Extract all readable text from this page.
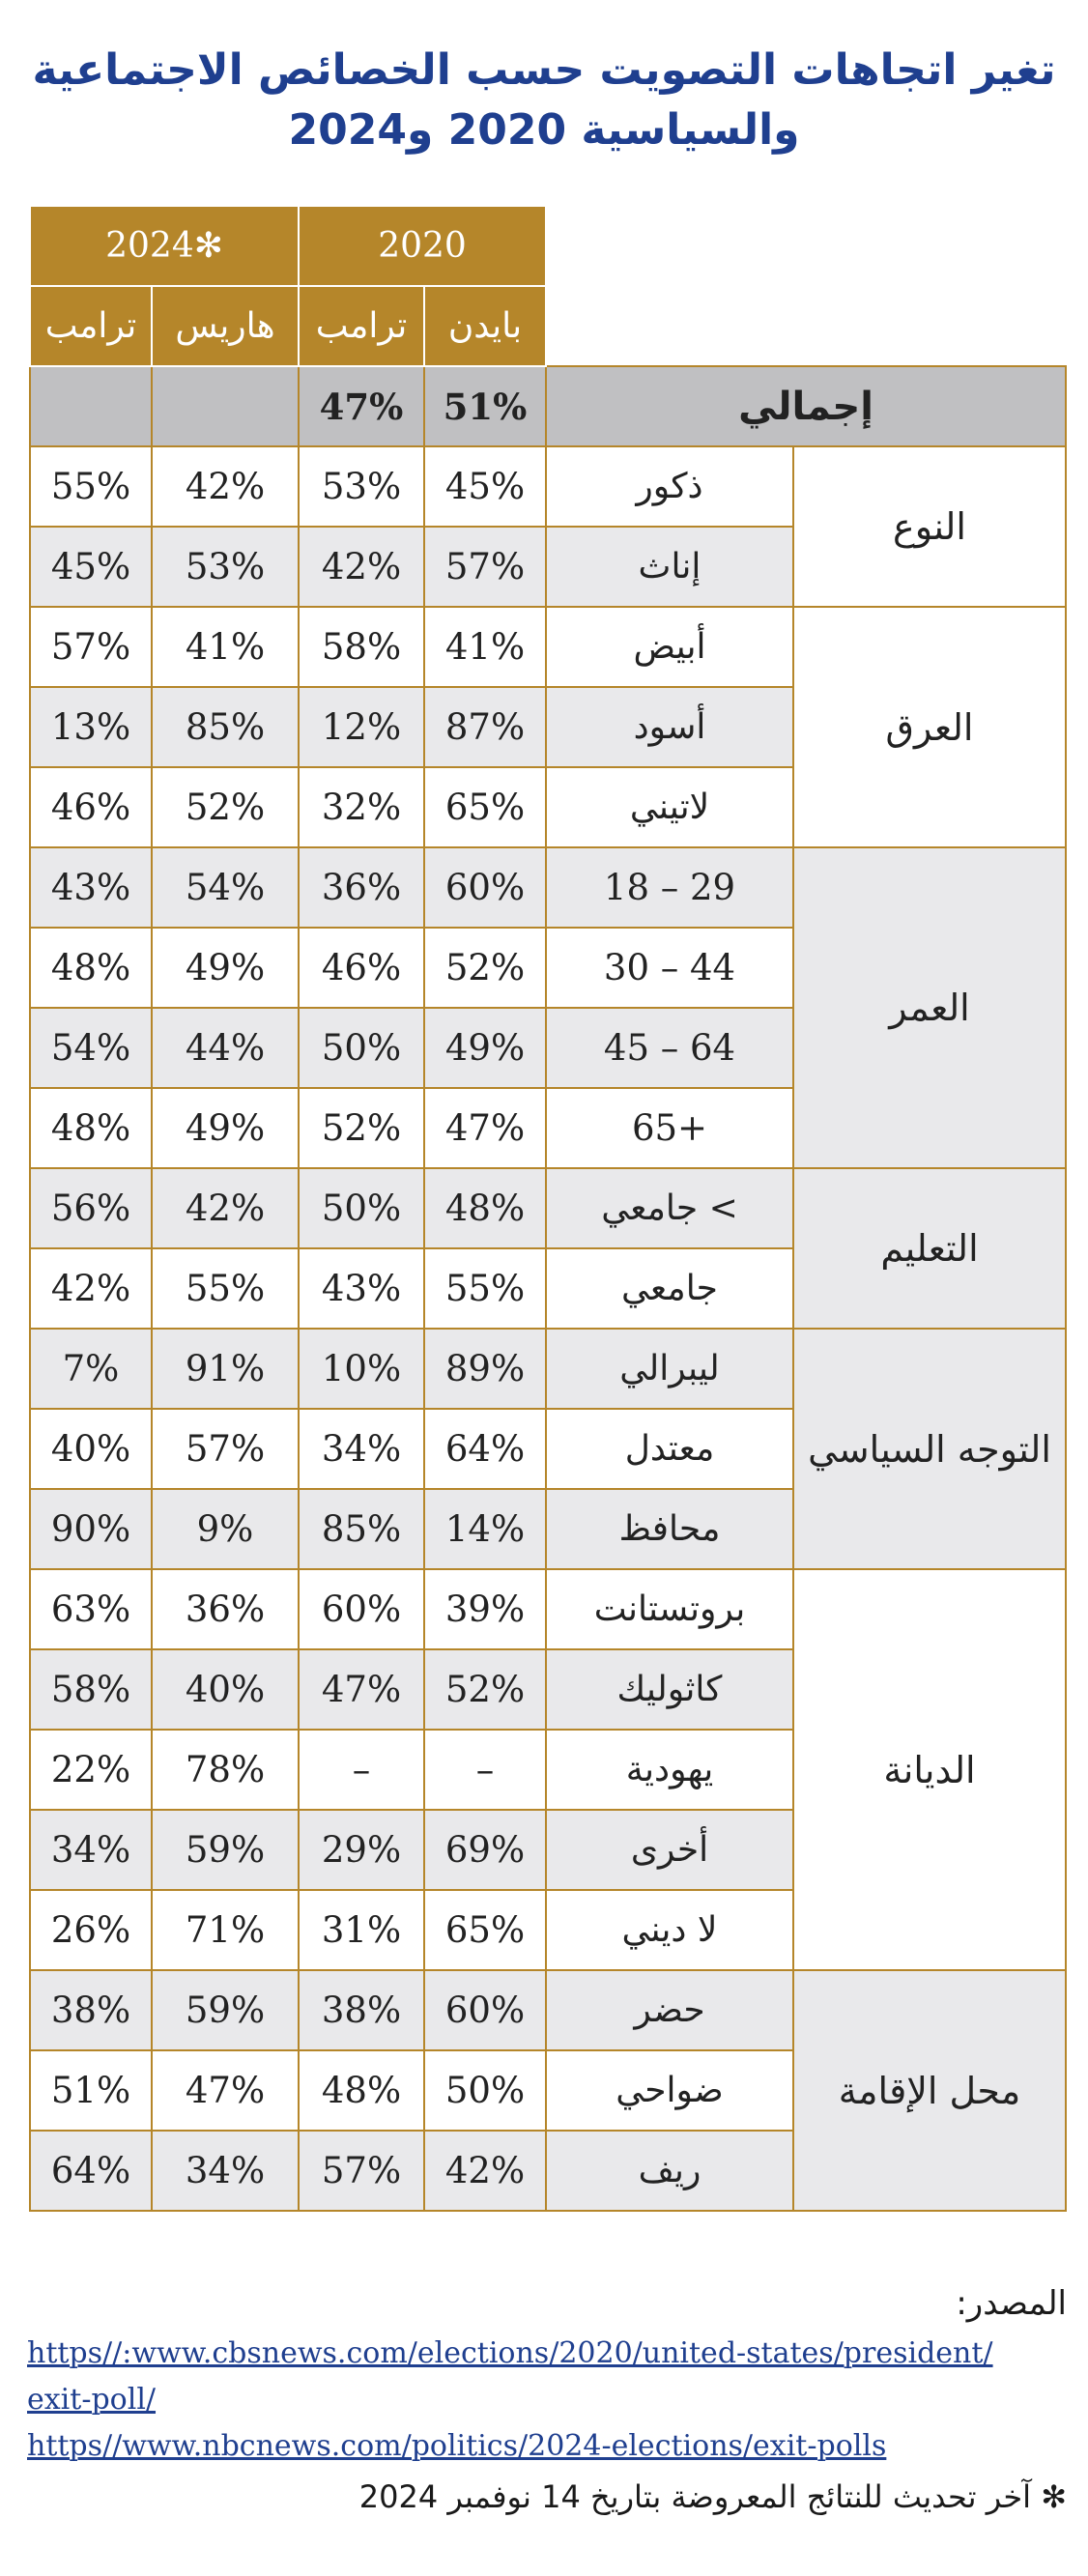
تغير اتجاهات التصويت حسب الخصائص الاجتماعية
والسياسية 2020 و2024
2024✻		2020			
ترامب	هاريس	ترامب	بايدن		
		47%	51%	إجمالي	
55%	42%	53%	45%	ذكور	النوع
45%	53%	42%	57%	إناث	
57%	41%	58%	41%	أبيض	العرق
13%	85%	12%	87%	أسود	
46%	52%	32%	65%	لاتيني	
43%	54%	36%	60%	18 – 29	العمر
48%	49%	46%	52%	30 – 44	
54%	44%	50%	49%	45 – 64	
48%	49%	52%	47%	65+	
56%	42%	50%	48%	> جامعي	التعليم
42%	55%	43%	55%	جامعي	
7%	91%	10%	89%	ليبرالي	التوجه السياسي
40%	57%	34%	64%	معتدل	
90%	9%	85%	14%	محافظ	
63%	36%	60%	39%	بروتستانت	الديانة
58%	40%	47%	52%	كاثوليك	
22%	78%	–	–	يهودية	
34%	59%	29%	69%	أخرى	
26%	71%	31%	65%	لا ديني	
38%	59%	38%	60%	حضر	محل الإقامة
51%	47%	48%	50%	ضواحي	
64%	34%	57%	42%	ريف	
المصدر:
https//:www.cbsnews.com/elections/2020/united-states/president/exit-poll/
https//www.nbcnews.com/politics/2024-elections/exit-polls
✻ آخر تحديث للنتائج المعروضة بتاريخ 14 نوفمبر 2024
